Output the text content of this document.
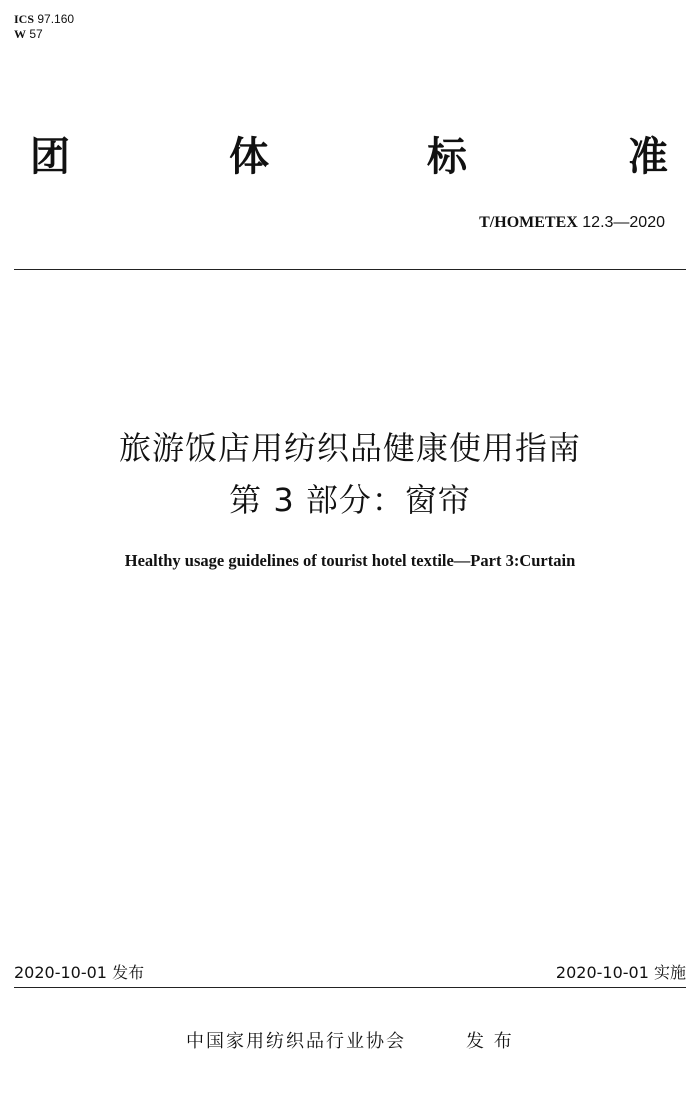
ICS 97.160
W 57
团	体	标	准
T/HOMETEX 12.3—2020
旅游饭店用纺织品健康使用指南
第 3 部分：窗帘
Healthy usage guidelines of tourist hotel textile—Part 3:Curtain
2020-10-01 发布	2020-10-01 实施
中国家用纺织品行业协会	发 布
